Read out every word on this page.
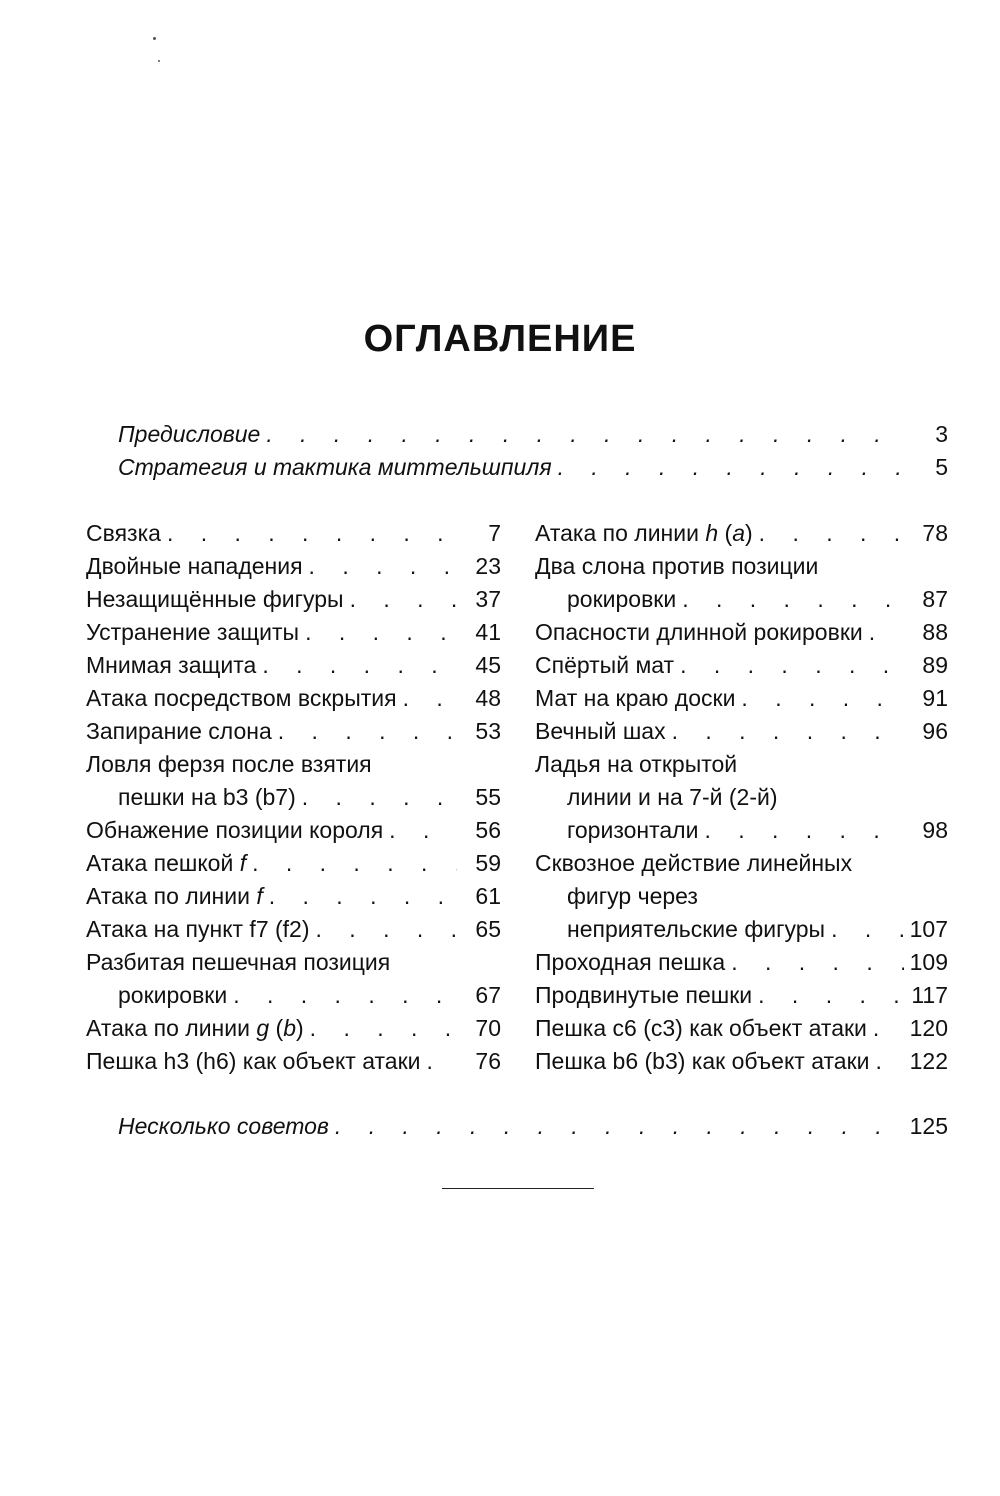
ОГЛАВЛЕНИЕ
Предисловие . . .	3
Стратегия и тактика миттельшпиля . . .	5
Связка . . .	7
Двойные нападения . . .	23
Незащищённые фигуры . . .	37
Устранение защиты . . .	41
Мнимая защита . . .	45
Атака посредством вскрытия . . .	48
Запирание слона . . .	53
Ловля ферзя после взятия
пешки на b3 (b7) . . .	55
Обнажение позиции короля . . .	56
Атака пешкой f . . .	59
Атака по линии f . . .	61
Атака на пункт f7 (f2) . . .	65
Разбитая пешечная позиция
рокировки . . .	67
Атака по линии g (b) . . .	70
Пешка h3 (h6) как объект атаки . . .	76
Атака по линии h (a) . . .	78
Два слона против позиции
рокировки . . .	87
Опасности длинной рокировки . . .	88
Спёртый мат . . .	89
Мат на краю доски . . .	91
Вечный шах . . .	96
Ладья на открытой
линии и на 7-й (2-й)
горизонтали . . .	98
Сквозное действие линейных
фигур через
неприятельские фигуры . . .	107
Проходная пешка . . .	109
Продвинутые пешки . . .	117
Пешка c6 (c3) как объект атаки . . . 120
Пешка b6 (b3) как объект атаки . . . 122
Несколько советов . . .	125
